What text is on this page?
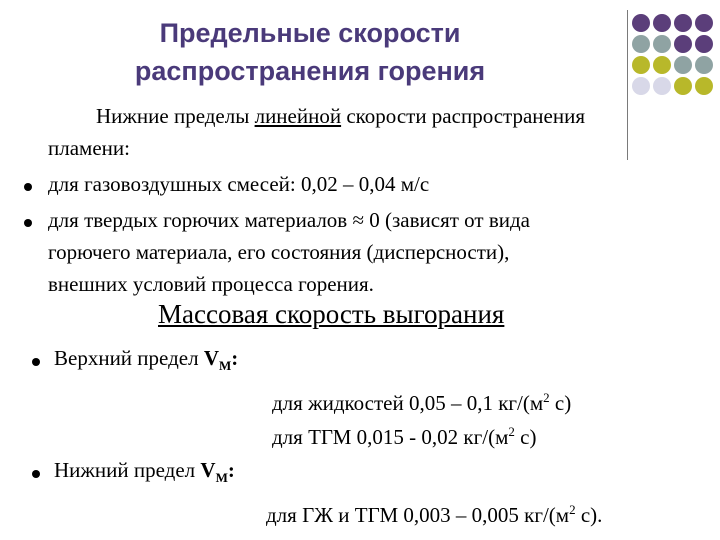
Предельные скорости
распространения горения
Нижние пределы линейной скорости распространения
пламени:
для газовоздушных смесей: 0,02 – 0,04 м/с
для твердых горючих материалов ≈ 0 (зависят от вида
горючего материала, его состояния (дисперсности),
внешних условий процесса горения.
Массовая скорость выгорания
Верхний предел $V_M$:
для жидкостей 0,05 – 0,1 $кг/(м^2$ с)
для ТГМ 0,015 - 0,02 $кг/(м^2$ с)
Нижний предел $V_M$:
для ГЖ и ТГМ 0,003 – 0,005 $кг/(м^2$ с).
